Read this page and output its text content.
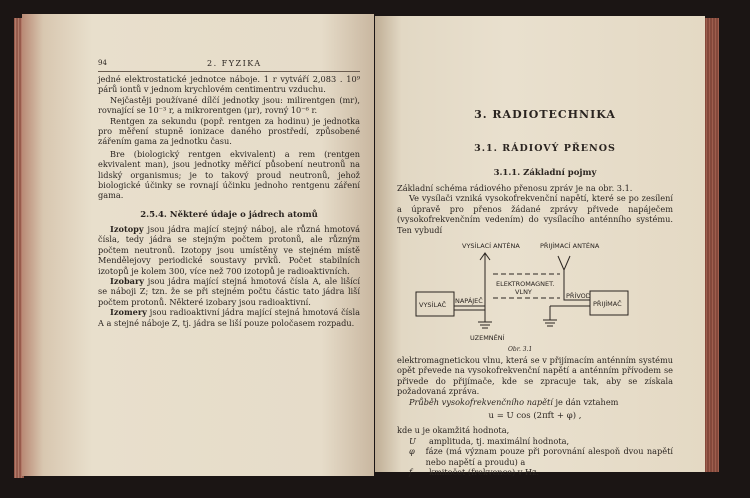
94	2. FYZIKA

jedné elektrostatické jednotce náboje. 1 r vytváří 2,083 . 10⁹ párů iontů v jednom krychlovém centimentru vzduchu.

Nejčastěji používané dílčí jednotky jsou: milirentgen (mr), rovnající se 10⁻³ r, a mikrorentgen (μr), rovný 10⁻⁶ r.

Rentgen za sekundu (popř. rentgen za hodinu) je jednotka pro měření stupně ionizace daného prostředí, způsobené zářením gama za jednotku času.

Bre (biologický rentgen ekvivalent) a rem (rentgen ekvivalent man), jsou jednotky měřicí působení neutronů na lidský organismus; je to takový proud neutronů, jehož biologické účinky se rovnají účinku jednoho rentgenu záření gama.

2.5.4. Některé údaje o jádrech atomů

Izotopy jsou jádra mající stejný náboj, ale různá hmotová čísla, tedy jádra se stejným počtem protonů, ale různým počtem neutronů. Izotopy jsou umístěny ve stejném místě Mendělejovy periodické soustavy prvků. Počet stabilních izotopů je kolem 300, více než 700 izotopů je radioaktivních.

Izobary jsou jádra mající stejná hmotová čísla A, ale lišící se náboji Z; tzn. že se při stejném počtu částic tato jádra liší počtem protonů. Některé izobary jsou radioaktivní.

Izomery jsou radioaktivní jádra mající stejná hmotová čísla A a stejné náboje Z, tj. jádra se liší pouze poločasem rozpadu.

3. RADIOTECHNIKA
3.1. RÁDIOVÝ PŘENOS
3.1.1. Základní pojmy

Základní schéma rádiového přenosu zpráv je na obr. 3.1.

Ve vysílači vzniká vysokofrekvenční napětí, které se po zesílení a úpravě pro přenos žádané zprávy přivede napáječem (vysokofrekvenčním vedením) do vysílacího anténního systému. Ten vybudí

VYSÍLACÍ ANTÉNA	PŘIJÍMACÍ ANTÉNA
ELEKTROMAGNET.
VLNY
VYSÍLAČ NAPÁJEČ
PŘÍVOD
PŘIJÍMAČ
UZEMNĚNÍ
Obr. 3.1

elektromagnetickou vlnu, která se v přijímacím anténním systému opět převede na vysokofrekvenční napětí a anténním přívodem se přivede do přijímače, kde se zpracuje tak, aby se získala požadovaná zpráva.

Průběh vysokofrekvenčního napětí je dán vztahem

u = U cos (2πft + φ) ,

kde u je okamžitá hodnota,

U	amplituda, tj. maximální hodnota,
φ	fáze (má význam pouze při porovnání alespoň dvou napětí nebo napětí a proudu) a
f	kmitočet (frekvence) v Hz.
